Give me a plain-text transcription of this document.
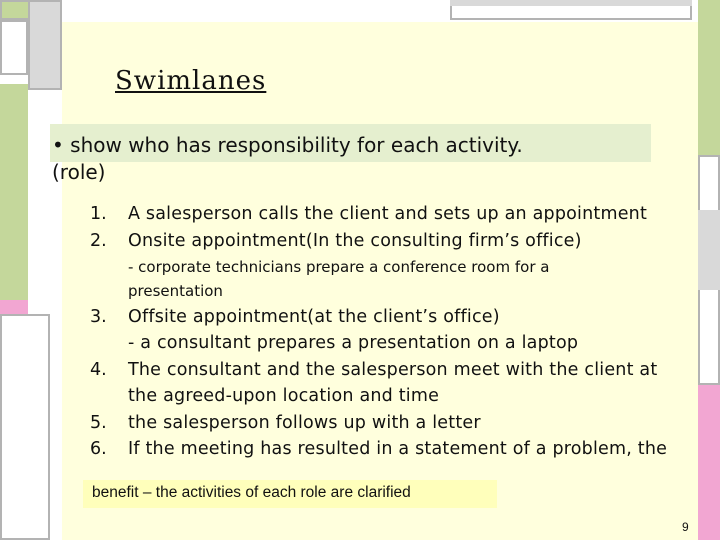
Swimlanes
• show who has responsibility for each activity.
(role)
1. A salesperson calls the client and sets up an appointment
2. Onsite appointment(In the consulting firm’s office)
- corporate technicians prepare a conference room for a
presentation
3. Offsite appointment(at the client’s office)
- a consultant prepares a presentation on a laptop
4. The consultant and the salesperson meet with the client at
the agreed-upon location and time
5. the salesperson follows up with a letter
6. If the meeting has resulted in a statement of a problem, the
benefit – the activities of each role are clarified
9
